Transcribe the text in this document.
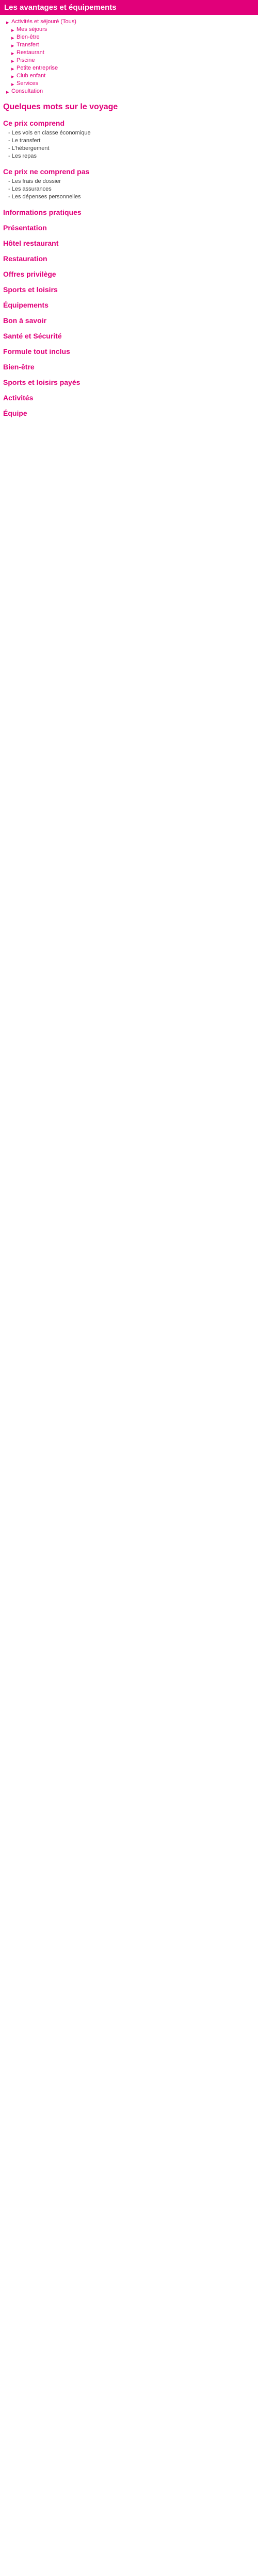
Les avantages et équipements
▶ Activités et séjouré (Tous)
▶ Mes séjours
▶ Bien-être
▶ Transfert
▶ Restaurant
▶ Piscine
▶ Petite entreprise
▶ Club enfant
▶ Services
▶ Consultation
Quelques mots sur le voyage
Ce prix comprend
- Les vols en classe économique
- Le transfert
- L’hébergement
- Les repas
Ce prix ne comprend pas
- Les frais de dossier
- Les assurances
- Les dépenses personnelles
Informations pratiques
Présentation
Hôtel restaurant
Restauration
Offres privilège
Sports et loisirs
Équipements
Bon à savoir
Santé et Sécurité
Formule tout inclus
Bien-être
Sports et loisirs payés
Activités
Équipe
